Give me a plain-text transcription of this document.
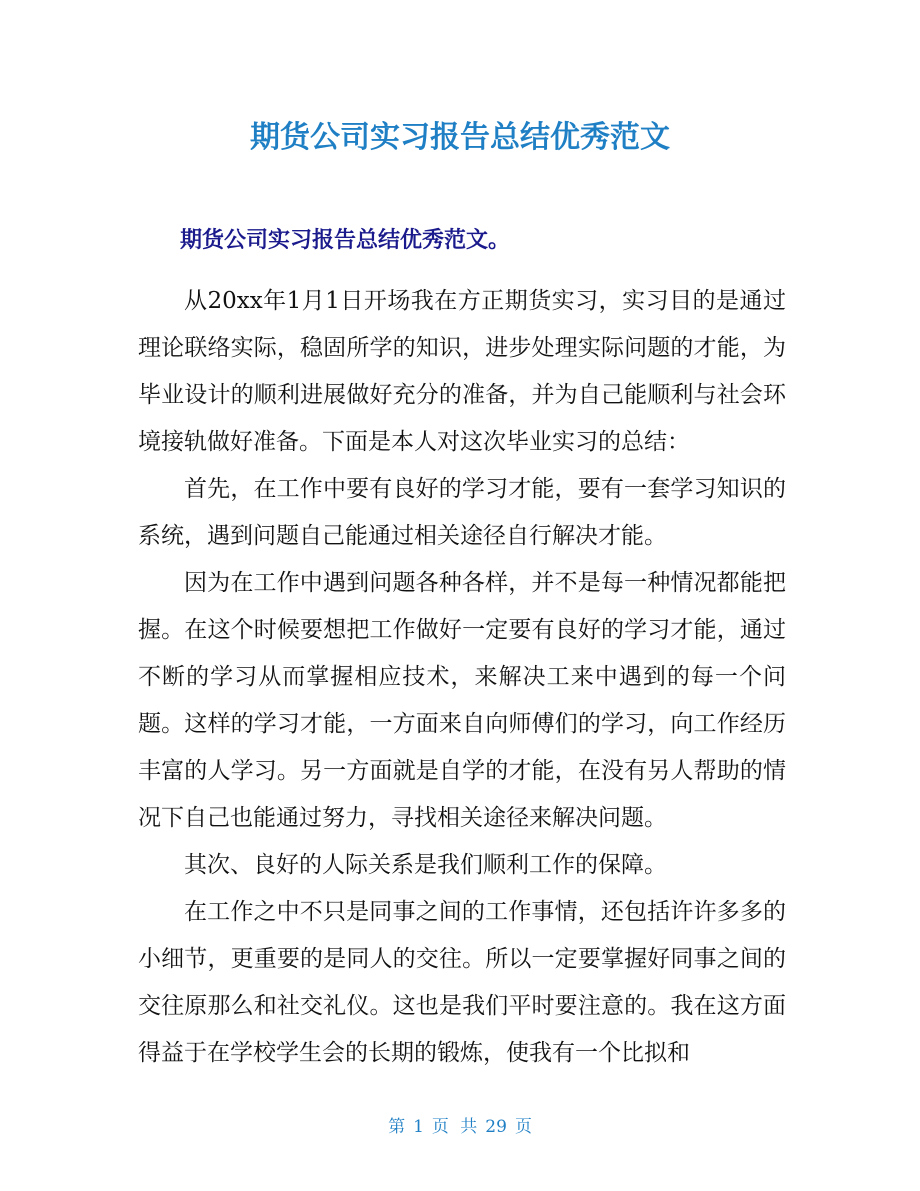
期货公司实习报告总结优秀范文
期货公司实习报告总结优秀范文。

从20xx年1月1日开场我在方正期货实习，实习目的是通过理论联络实际，稳固所学的知识，进步处理实际问题的才能，为毕业设计的顺利进展做好充分的准备，并为自己能顺利与社会环境接轨做好准备。下面是本人对这次毕业实习的总结：

首先，在工作中要有良好的学习才能，要有一套学习知识的系统，遇到问题自己能通过相关途径自行解决才能。

因为在工作中遇到问题各种各样，并不是每一种情况都能把握。在这个时候要想把工作做好一定要有良好的学习才能，通过不断的学习从而掌握相应技术，来解决工来中遇到的每一个问题。这样的学习才能，一方面来自向师傅们的学习，向工作经历丰富的人学习。另一方面就是自学的才能，在没有另人帮助的情况下自己也能通过努力，寻找相关途径来解决问题。

其次、良好的人际关系是我们顺利工作的保障。

在工作之中不只是同事之间的工作事情，还包括许许多多的小细节，更重要的是同人的交往。所以一定要掌握好同事之间的交往原那么和社交礼仪。这也是我们平时要注意的。我在这方面得益于在学校学生会的长期的锻炼，使我有一个比拟和

第 1 页 共 29 页
